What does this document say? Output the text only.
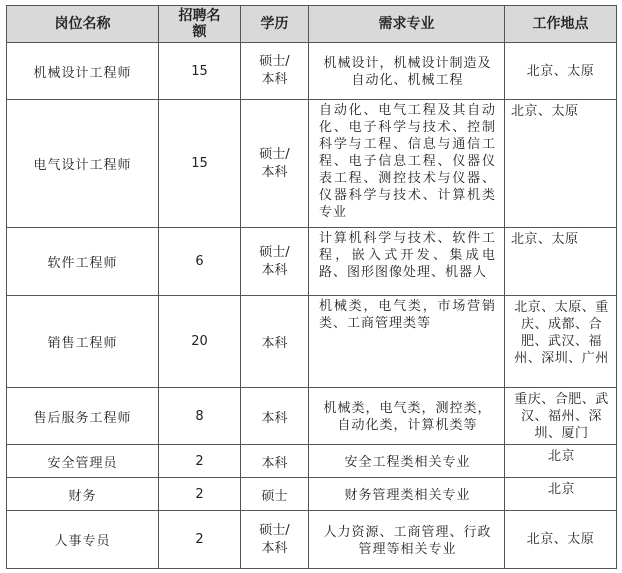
岗位名称	招聘名额	学历	需求专业	工作地点
机械设计工程师	15	硕士/本科	机械设计，机械设计制造及自动化、机械工程	北京、太原
电气设计工程师	15	硕士/本科	自动化、电气工程及其自动化、电子科学与技术、控制科学与工程、信息与通信工程、电子信息工程、仪器仪表工程、测控技术与仪器、仪器科学与技术、计算机类专业	北京、太原
软件工程师	6	硕士/本科	计算机科学与技术、软件工程，嵌入式开发、集成电路、图形图像处理、机器人	北京、太原
销售工程师	20	本科	机械类，电气类，市场营销类、工商管理类等	北京、太原、重庆、成都、合肥、武汉、福州、深圳、广州
售后服务工程师	8	本科	机械类，电气类，测控类，自动化类，计算机类等	重庆、合肥、武汉、福州、深圳、厦门
安全管理员	2	本科	安全工程类相关专业	北京
财务	2	硕士	财务管理类相关专业	北京
人事专员	2	硕士/本科	人力资源、工商管理、行政管理等相关专业	北京、太原
